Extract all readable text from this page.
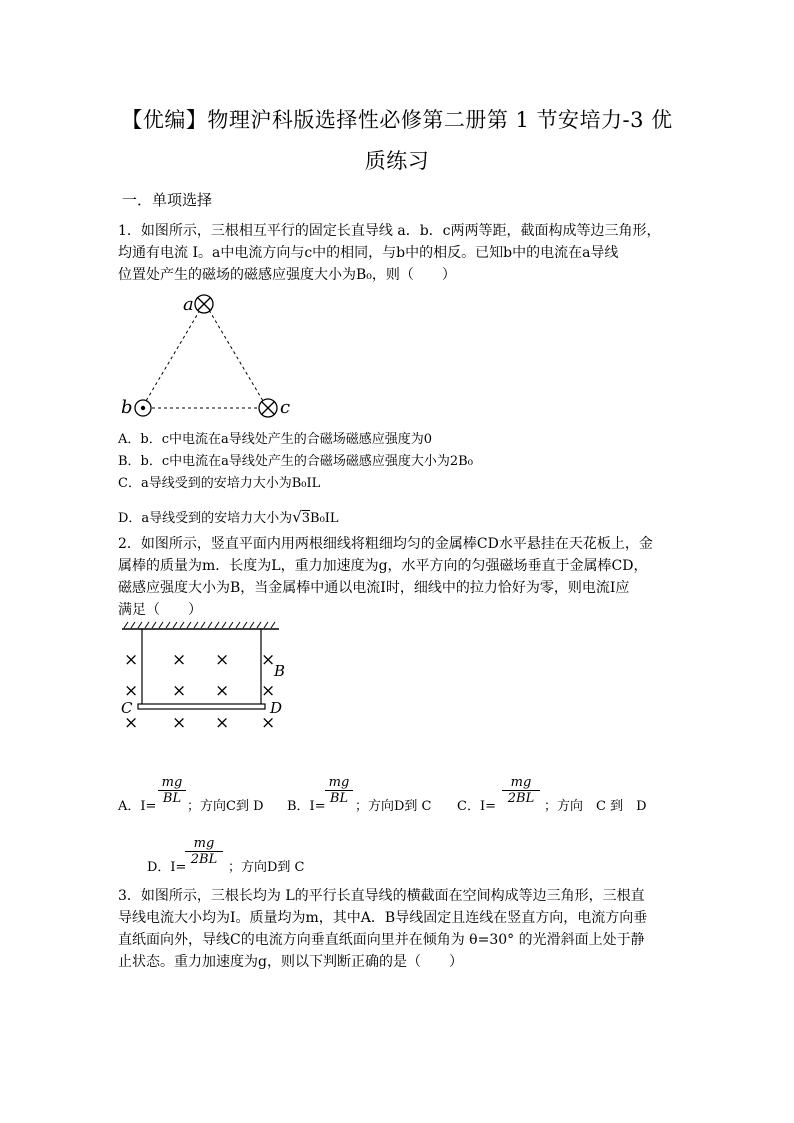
【优编】物理沪科版选择性必修第二册第 1 节安培力-3 优
质练习
一．单项选择
1．如图所示，三根相互平行的固定长直导线 a．b．c两两等距，截面构成等边三角形，
均通有电流 I。a中电流方向与c中的相同，与b中的相反。已知b中的电流在a导线
位置处产生的磁场的磁感应强度大小为B₀，则（　　）
a
b	c
A．b．c中电流在a导线处产生的合磁场磁感应强度为0
B．b．c中电流在a导线处产生的合磁场磁感应强度大小为2B₀
C．a导线受到的安培力大小为B₀IL
D．a导线受到的安培力大小为√3B₀IL
2．如图所示，竖直平面内用两根细线将粗细均匀的金属棒CD水平悬挂在天花板上，金
属棒的质量为m．长度为L，重力加速度为g，水平方向的匀强磁场垂直于金属棒CD，
磁感应强度大小为B，当金属棒中通以电流I时，细线中的拉力恰好为零，则电流I应
满足（　　）
× × × ×
× × × ×
× × × ×
B
C	D
A．$I= \frac{mg}{BL}$ ；方向C到 D B．$I= \frac{mg}{BL}$ ；方向D到 C C．$I= \frac{mg}{2BL}$ ；方向　C 到　D
D．I=
$\frac{mg}{2BL}$ ；方向D到 C
3．如图所示，三根长均为 L的平行长直导线的横截面在空间构成等边三角形，三根直
导线电流大小均为I。质量均为m，其中A．B导线固定且连线在竖直方向，电流方向垂
直纸面向外，导线C的电流方向垂直纸面向里并在倾角为 θ=30° 的光滑斜面上处于静
止状态。重力加速度为g，则以下判断正确的是（　　）
